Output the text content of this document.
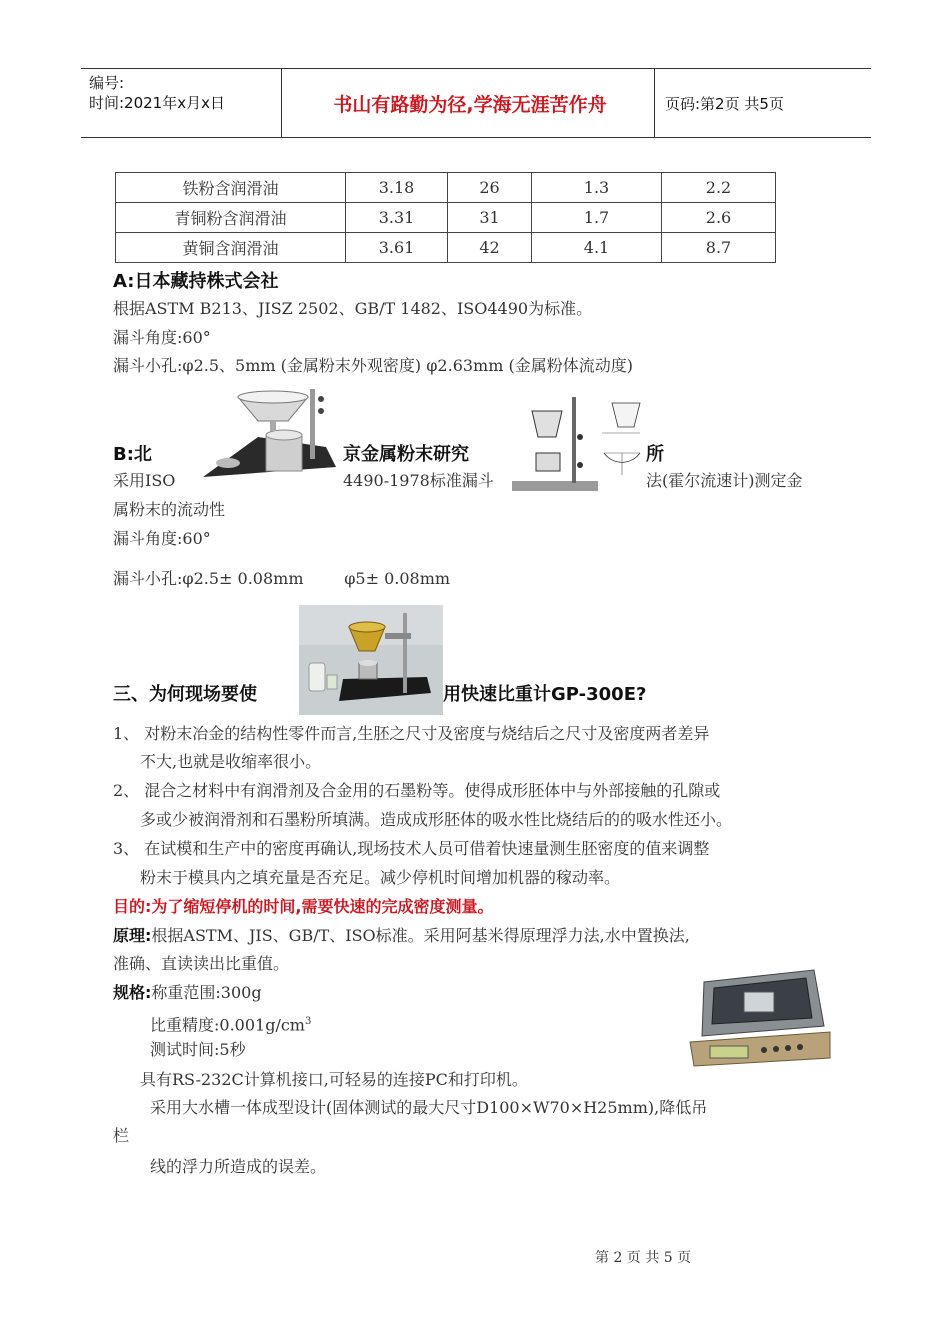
编号:
时间:2021年x月x日	书山有路勤为径,学海无涯苦作舟	页码:第2页 共5页
铁粉含润滑油	3.18	26	1.3	2.2
青铜粉含润滑油	3.31	31	1.7	2.6
黄铜含润滑油	3.61	42	4.1	8.7
A:日本藏持株式会社
根据ASTM B213、JISZ 2502、GB/T 1482、ISO4490为标准。
漏斗角度:60°
漏斗小孔:φ2.5、5mm (金属粉末外观密度) φ2.63mm (金属粉体流动度)
B:北	京金属粉末研究	所
采用ISO	4490-1978标准漏斗	法(霍尔流速计)测定金
属粉末的流动性
漏斗角度:60°
漏斗小孔:φ2.5± 0.08mm        φ5± 0.08mm
三、为何现场要使	用快速比重计GP-300E?
1、 对粉末冶金的结构性零件而言,生胚之尺寸及密度与烧结后之尺寸及密度两者差异
不大,也就是收缩率很小。
2、 混合之材料中有润滑剂及合金用的石墨粉等。使得成形胚体中与外部接触的孔隙或
多或少被润滑剂和石墨粉所填满。造成成形胚体的吸水性比烧结后的的吸水性还小。
3、 在试模和生产中的密度再确认,现场技术人员可借着快速量测生胚密度的值来调整
粉末于模具内之填充量是否充足。减少停机时间增加机器的稼动率。
目的:为了缩短停机的时间,需要快速的完成密度测量。
原理:根据ASTM、JIS、GB/T、ISO标准。采用阿基米得原理浮力法,水中置换法,
准确、直读读出比重值。
规格:称重范围:300g
比重精度$:0.001g/cm^3$
测试时间:5秒
具有RS-232C计算机接口,可轻易的连接PC和打印机。
采用大水槽一体成型设计(固体测试的最大尺寸D100×W70×H25mm),降低吊
栏
线的浮力所造成的误差。
第 2 页 共 5 页
